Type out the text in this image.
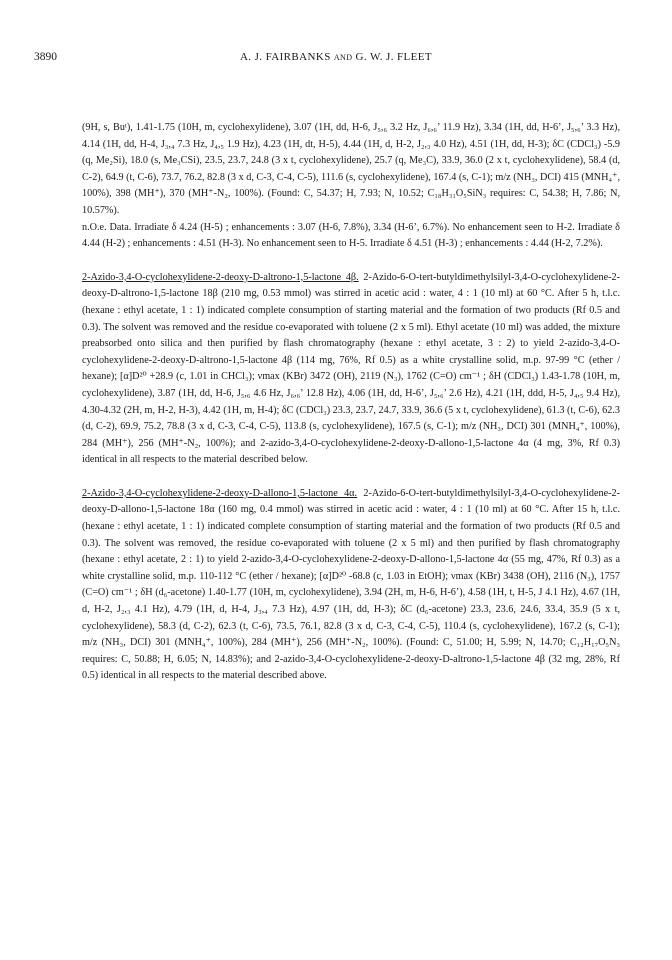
3890	A. J. FAIRBANKS and G. W. J. FLEET

(9H, s, Buᵗ), 1.41-1.75 (10H, m, cyclohexylidene), 3.07 (1H, dd, H-6, J₅,₆ 3.2 Hz, J₆,₆’ 11.9 Hz), 3.34 (1H, dd, H-6’, J₅,₆’ 3.3 Hz), 4.14 (1H, dd, H-4, J₃,₄ 7.3 Hz, J₄,₅ 1.9 Hz), 4.23 (1H, dt, H-5), 4.44 (1H, d, H-2, J₂,₃ 4.0 Hz), 4.51 (1H, dd, H-3); δC (CDCl₃) -5.9 (q, Me₂Si), 18.0 (s, Me₃CSi), 23.5, 23.7, 24.8 (3 x t, cyclohexylidene), 25.7 (q, Me₃C), 33.9, 36.0 (2 x t, cyclohexylidene), 58.4 (d, C-2), 64.9 (t, C-6), 73.7, 76.2, 82.8 (3 x d, C-3, C-4, C-5), 111.6 (s, cyclohexylidene), 167.4 (s, C-1); m/z (NH₃, DCI) 415 (MNH₄⁺, 100%), 398 (MH⁺), 370 (MH⁺-N₂, 100%). (Found: C, 54.37; H, 7.93; N, 10.52; C₁₈H₃₁O₅SiN₃ requires: C, 54.38; H, 7.86; N, 10.57%).

n.O.e. Data. Irradiate δ 4.24 (H-5) ; enhancements : 3.07 (H-6, 7.8%), 3.34 (H-6’, 6.7%). No enhancement seen to H-2. Irradiate δ 4.44 (H-2) ; enhancements : 4.51 (H-3). No enhancement seen to H-5. Irradiate δ 4.51 (H-3) ; enhancements : 4.44 (H-2, 7.2%).

2-Azido-3,4-O-cyclohexylidene-2-deoxy-D-altrono-1,5-lactone 4β. 2-Azido-6-O-tert-butyldimethylsilyl-3,4-O-cyclohexylidene-2-deoxy-D-altrono-1,5-lactone 18β (210 mg, 0.53 mmol) was stirred in acetic acid : water, 4 : 1 (10 ml) at 60 °C. After 5 h, t.l.c. (hexane : ethyl acetate, 1 : 1) indicated complete consumption of starting material and the formation of two products (Rf 0.5 and 0.3). The solvent was removed and the residue co-evaporated with toluene (2 x 5 ml). Ethyl acetate (10 ml) was added, the mixture preabsorbed onto silica and then purified by flash chromatography (hexane : ethyl acetate, 3 : 2) to yield 2-azido-3,4-O-cyclohexylidene-2-deoxy-D-altrono-1,5-lactone 4β (114 mg, 76%, Rf 0.5) as a white crystalline solid, m.p. 97-99 °C (ether / hexane); [α]D²⁰ +28.9 (c, 1.01 in CHCl₃); νmax (KBr) 3472 (OH), 2119 (N₃), 1762 (C=O) cm⁻¹ ; δH (CDCl₃) 1.43-1.78 (10H, m, cyclohexylidene), 3.87 (1H, dd, H-6, J₅,₆ 4.6 Hz, J₆,₆’ 12.8 Hz), 4.06 (1H, dd, H-6’, J₅,₆’ 2.6 Hz), 4.21 (1H, ddd, H-5, J₄,₅ 9.4 Hz), 4.30-4.32 (2H, m, H-2, H-3), 4.42 (1H, m, H-4); δC (CDCl₃) 23.3, 23.7, 24.7, 33.9, 36.6 (5 x t, cyclohexylidene), 61.3 (t, C-6), 62.3 (d, C-2), 69.9, 75.2, 78.8 (3 x d, C-3, C-4, C-5), 113.8 (s, cyclohexylidene), 167.5 (s, C-1); m/z (NH₃, DCI) 301 (MNH₄⁺, 100%), 284 (MH⁺), 256 (MH⁺-N₂, 100%); and 2-azido-3,4-O-cyclohexylidene-2-deoxy-D-allono-1,5-lactone 4α (4 mg, 3%, Rf 0.3) identical in all respects to the material described below.

2-Azido-3,4-O-cyclohexylidene-2-deoxy-D-allono-1,5-lactone 4α. 2-Azido-6-O-tert-butyldimethylsilyl-3,4-O-cyclohexylidene-2-deoxy-D-allono-1,5-lactone 18α (160 mg, 0.4 mmol) was stirred in acetic acid : water, 4 : 1 (10 ml) at 60 °C. After 15 h, t.l.c. (hexane : ethyl acetate, 1 : 1) indicated complete consumption of starting material and the formation of two products (Rf 0.5 and 0.3). The solvent was removed, the residue co-evaporated with toluene (2 x 5 ml) and then purified by flash chromatography (hexane : ethyl acetate, 2 : 1) to yield 2-azido-3,4-O-cyclohexylidene-2-deoxy-D-allono-1,5-lactone 4α (55 mg, 47%, Rf 0.3) as a white crystalline solid, m.p. 110-112 °C (ether / hexane); [α]D²⁰ -68.8 (c, 1.03 in EtOH); νmax (KBr) 3438 (OH), 2116 (N₃), 1757 (C=O) cm⁻¹ ; δH (d₆-acetone) 1.40-1.77 (10H, m, cyclohexylidene), 3.94 (2H, m, H-6, H-6’), 4.58 (1H, t, H-5, J 4.1 Hz), 4.67 (1H, d, H-2, J₂,₃ 4.1 Hz), 4.79 (1H, d, H-4, J₃,₄ 7.3 Hz), 4.97 (1H, dd, H-3); δC (d₆-acetone) 23.3, 23.6, 24.6, 33.4, 35.9 (5 x t, cyclohexylidene), 58.3 (d, C-2), 62.3 (t, C-6), 73.5, 76.1, 82.8 (3 x d, C-3, C-4, C-5), 110.4 (s, cyclohexylidene), 167.2 (s, C-1); m/z (NH₃, DCI) 301 (MNH₄⁺, 100%), 284 (MH⁺), 256 (MH⁺-N₂, 100%). (Found: C, 51.00; H, 5.99; N, 14.70; C₁₂H₁₇O₅N₃ requires: C, 50.88; H, 6.05; N, 14.83%); and 2-azido-3,4-O-cyclohexylidene-2-deoxy-D-altrono-1,5-lactone 4β (32 mg, 28%, Rf 0.5) identical in all respects to the material described above.
